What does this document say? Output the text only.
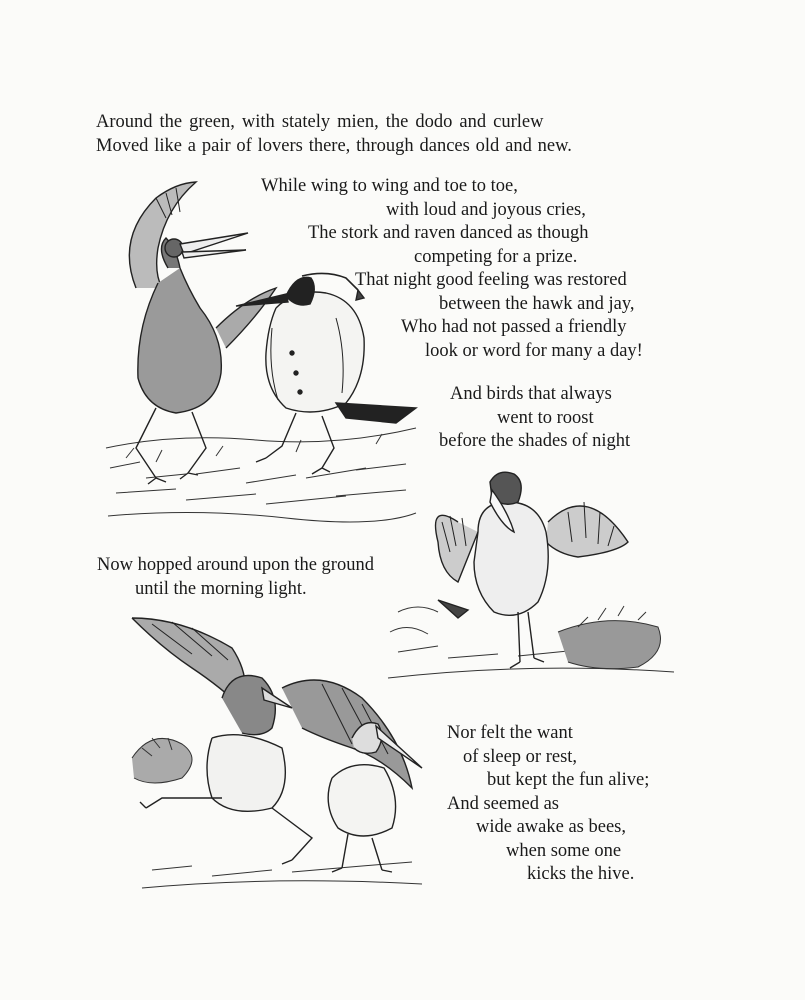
Around the green, with stately mien, the dodo and curlew
Moved like a pair of lovers there, through dances old and new.
While wing to wing and toe to toe,
with loud and joyous cries,
The stork and raven danced as though
competing for a prize.
That night good feeling was restored
between the hawk and jay,
Who had not passed a friendly
look or word for many a day!
And birds that always
went to roost
before the shades of night
Now hopped around upon the ground
until the morning light.
Nor felt the want
of sleep or rest,
but kept the fun alive;
And seemed as
wide awake as bees,
when some one
kicks the hive.
